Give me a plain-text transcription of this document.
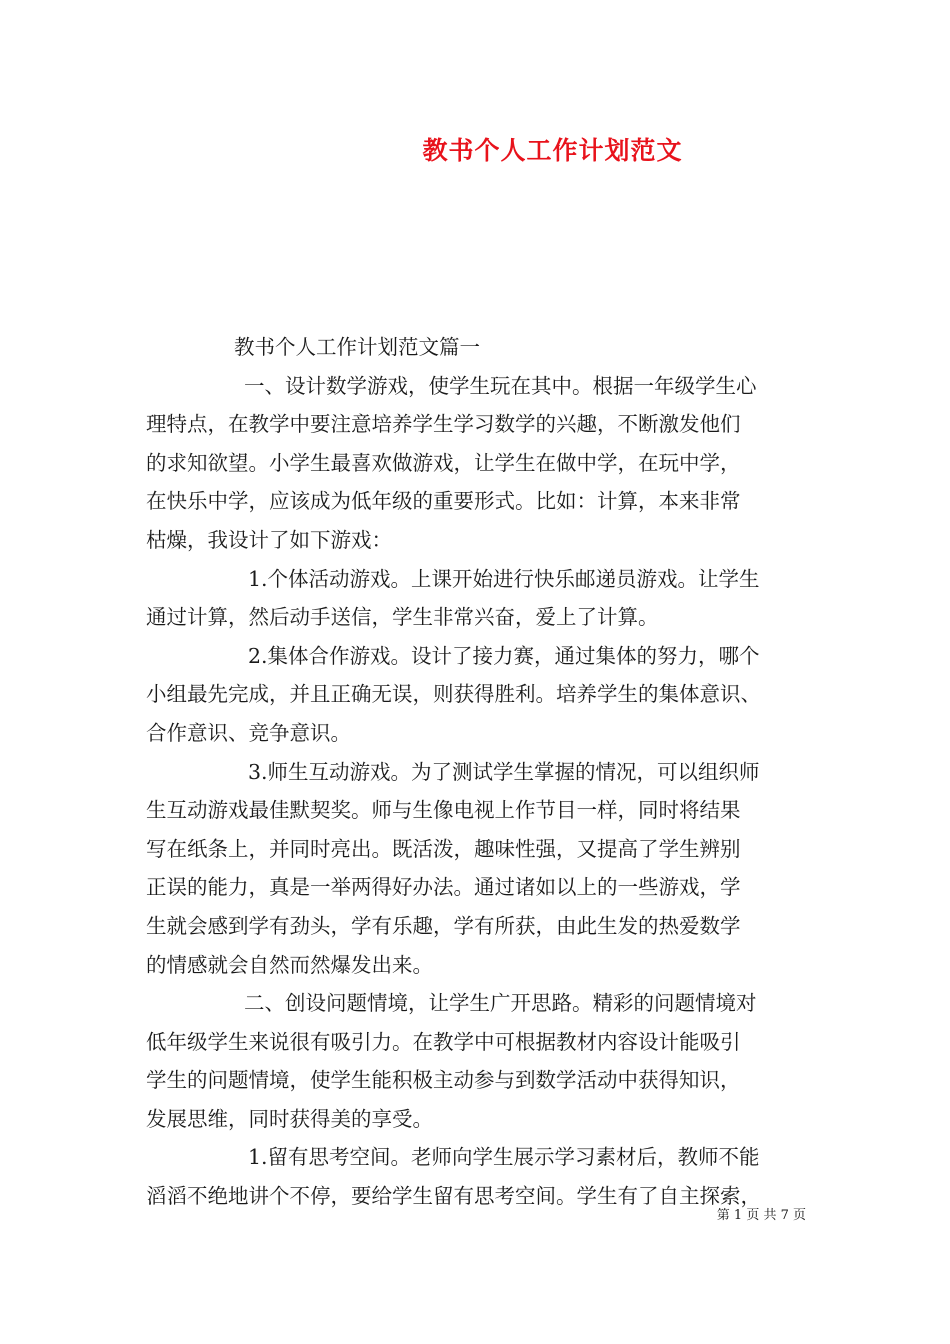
教书个人工作计划范文
教书个人工作计划范文篇一
一、设计数学游戏，使学生玩在其中。根据一年级学生心
理特点，在教学中要注意培养学生学习数学的兴趣，不断激发他们
的求知欲望。小学生最喜欢做游戏，让学生在做中学，在玩中学，
在快乐中学，应该成为低年级的重要形式。比如：计算，本来非常
枯燥，我设计了如下游戏：
1.个体活动游戏。上课开始进行快乐邮递员游戏。让学生
通过计算，然后动手送信，学生非常兴奋，爱上了计算。
2.集体合作游戏。设计了接力赛，通过集体的努力，哪个
小组最先完成，并且正确无误，则获得胜利。培养学生的集体意识、
合作意识、竞争意识。
3.师生互动游戏。为了测试学生掌握的情况，可以组织师
生互动游戏最佳默契奖。师与生像电视上作节目一样，同时将结果
写在纸条上，并同时亮出。既活泼，趣味性强，又提高了学生辨别
正误的能力，真是一举两得好办法。通过诸如以上的一些游戏，学
生就会感到学有劲头，学有乐趣，学有所获，由此生发的热爱数学
的情感就会自然而然爆发出来。
二、创设问题情境，让学生广开思路。精彩的问题情境对
低年级学生来说很有吸引力。在教学中可根据教材内容设计能吸引
学生的问题情境，使学生能积极主动参与到数学活动中获得知识，
发展思维，同时获得美的享受。
1.留有思考空间。老师向学生展示学习素材后，教师不能
滔滔不绝地讲个不停，要给学生留有思考空间。学生有了自主探索，
第 1 页 共 7 页
